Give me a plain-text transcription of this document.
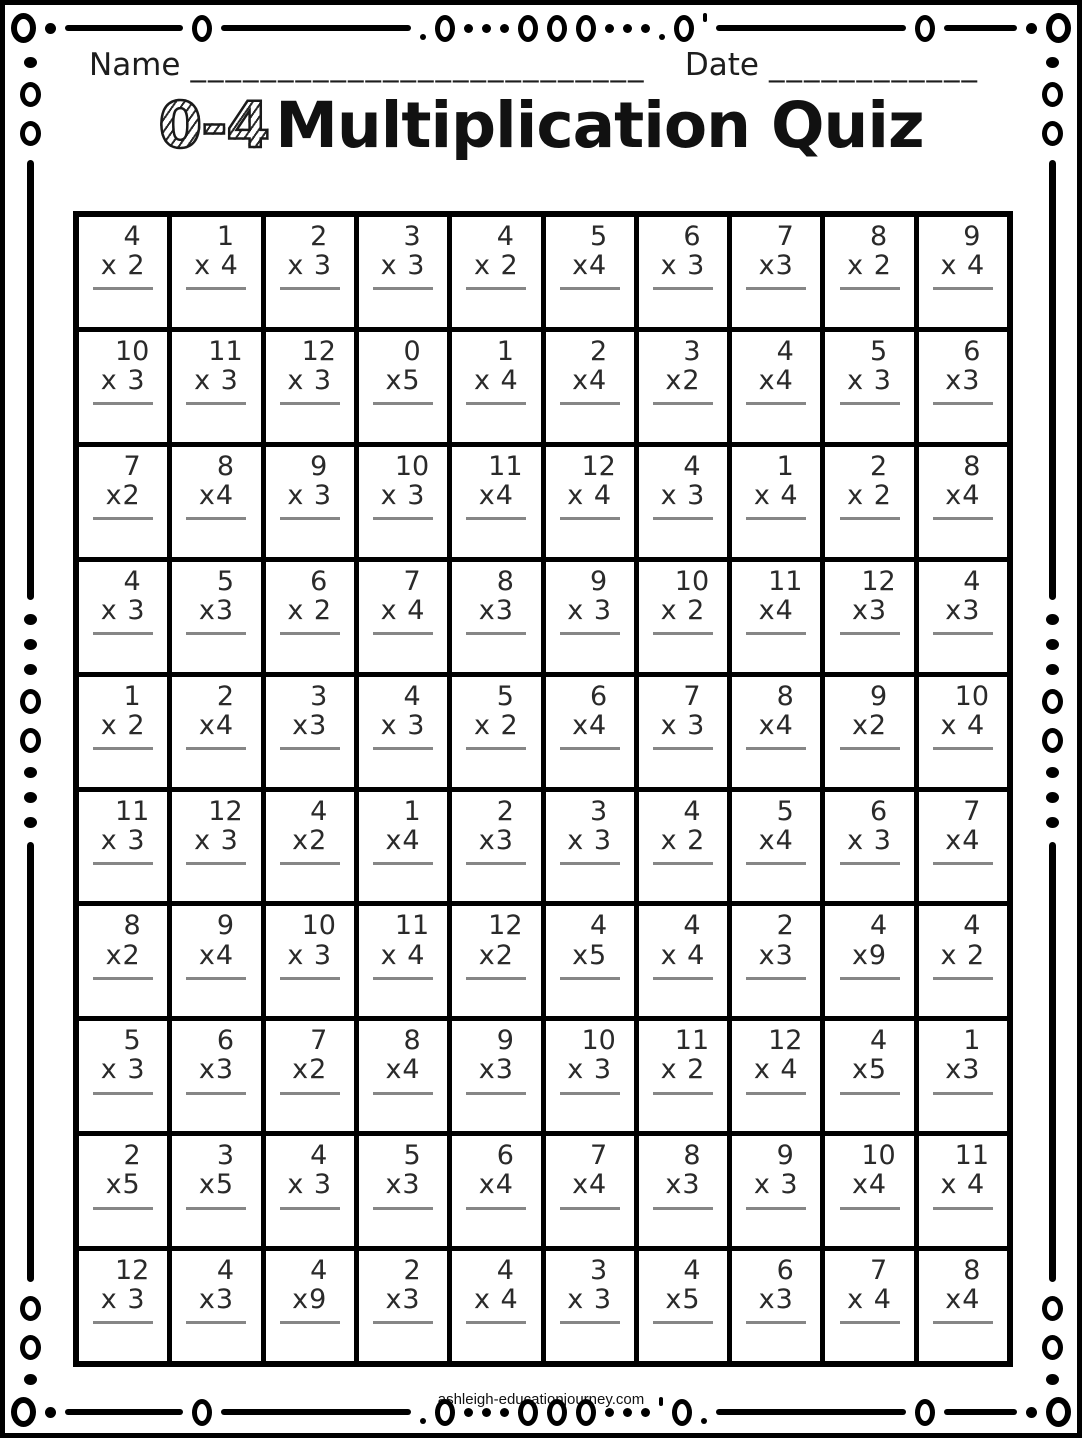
Name __________________________ Date ____________
0-4Multiplication Quiz
4
x 2
1
x 4
2
x 3
3
x 3
4
x 2
5
x4
6
x 3
7
x3
8
x 2
9
x 4
10
x 3
11
x 3
12
x 3
0
x5
1
x 4
2
x4
3
x2
4
x4
5
x 3
6
x3
7
x2
8
x4
9
x 3
10
x 3
11
x4
12
x 4
4
x 3
1
x 4
2
x 2
8
x4
4
x 3
5
x3
6
x 2
7
x 4
8
x3
9
x 3
10
x 2
11
x4
12
x3
4
x3
1
x 2
2
x4
3
x3
4
x 3
5
x 2
6
x4
7
x 3
8
x4
9
x2
10
x 4
11
x 3
12
x 3
4
x2
1
x4
2
x3
3
x 3
4
x 2
5
x4
6
x 3
7
x4
8
x2
9
x4
10
x 3
11
x 4
12
x2
4
x5
4
x 4
2
x3
4
x9
4
x 2
5
x 3
6
x3
7
x2
8
x4
9
x3
10
x 3
11
x 2
12
x 4
4
x5
1
x3
2
x5
3
x5
4
x 3
5
x3
6
x4
7
x4
8
x3
9
x 3
10
x4
11
x 4
12
x 3
4
x3
4
x9
2
x3
4
x 4
3
x 3
4
x5
6
x3
7
x 4
8
x4
ashleigh-educationjourney.com
